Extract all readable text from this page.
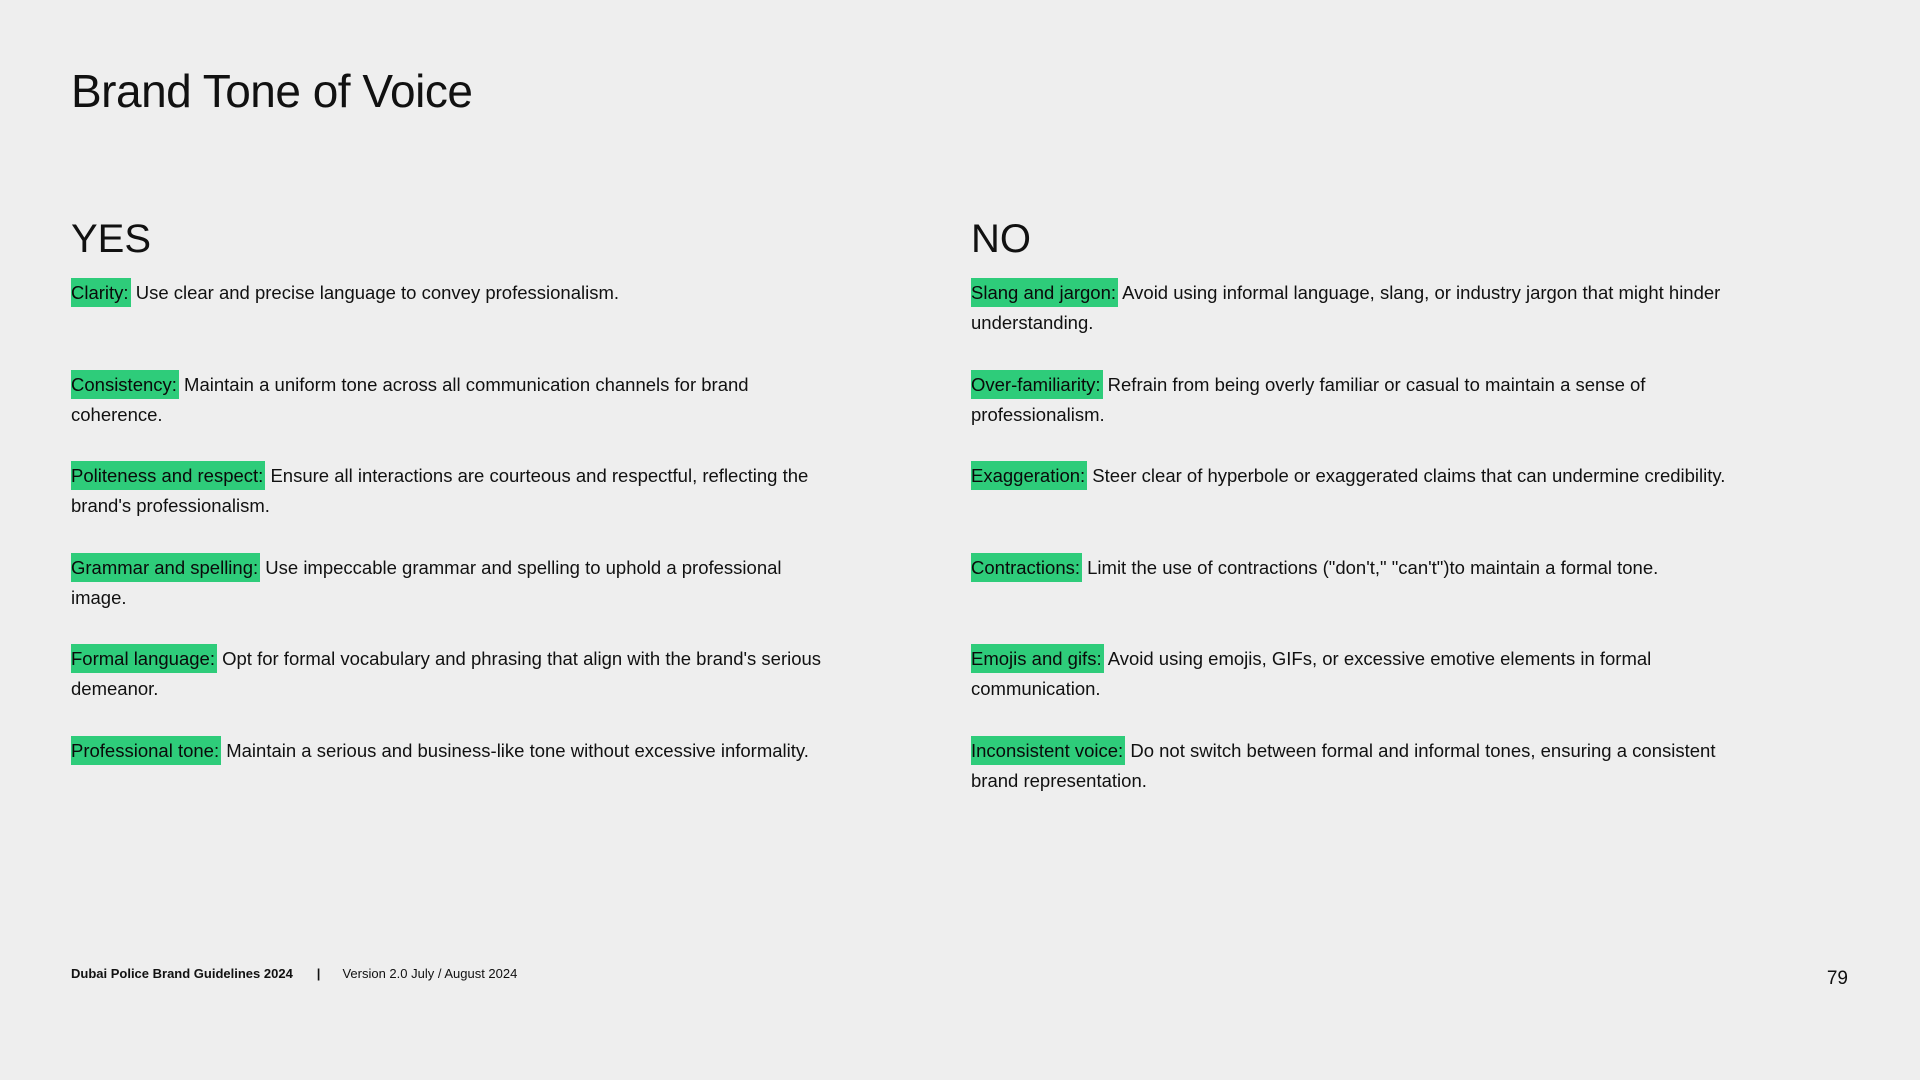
Brand Tone of Voice
YES
Clarity: Use clear and precise language to convey professionalism.
Consistency: Maintain a uniform tone across all communication channels for brand coherence.
Politeness and respect: Ensure all interactions are courteous and respectful, reflecting the brand's professionalism.
Grammar and spelling: Use impeccable grammar and spelling to uphold a professional image.
Formal language: Opt for formal vocabulary and phrasing that align with the brand's serious demeanor.
Professional tone: Maintain a serious and business-like tone without excessive informality.
NO
Slang and jargon: Avoid using informal language, slang, or industry jargon that might hinder understanding.
Over-familiarity: Refrain from being overly familiar or casual to maintain a sense of professionalism.
Exaggeration: Steer clear of hyperbole or exaggerated claims that can undermine credibility.
Contractions: Limit the use of contractions ("don't," "can't")to maintain a formal tone.
Emojis and gifs: Avoid using emojis, GIFs, or excessive emotive elements in formal communication.
Inconsistent voice: Do not switch between formal and informal tones, ensuring a consistent brand representation.
Dubai Police Brand Guidelines 2024 | Version 2.0 July / August 2024	79
